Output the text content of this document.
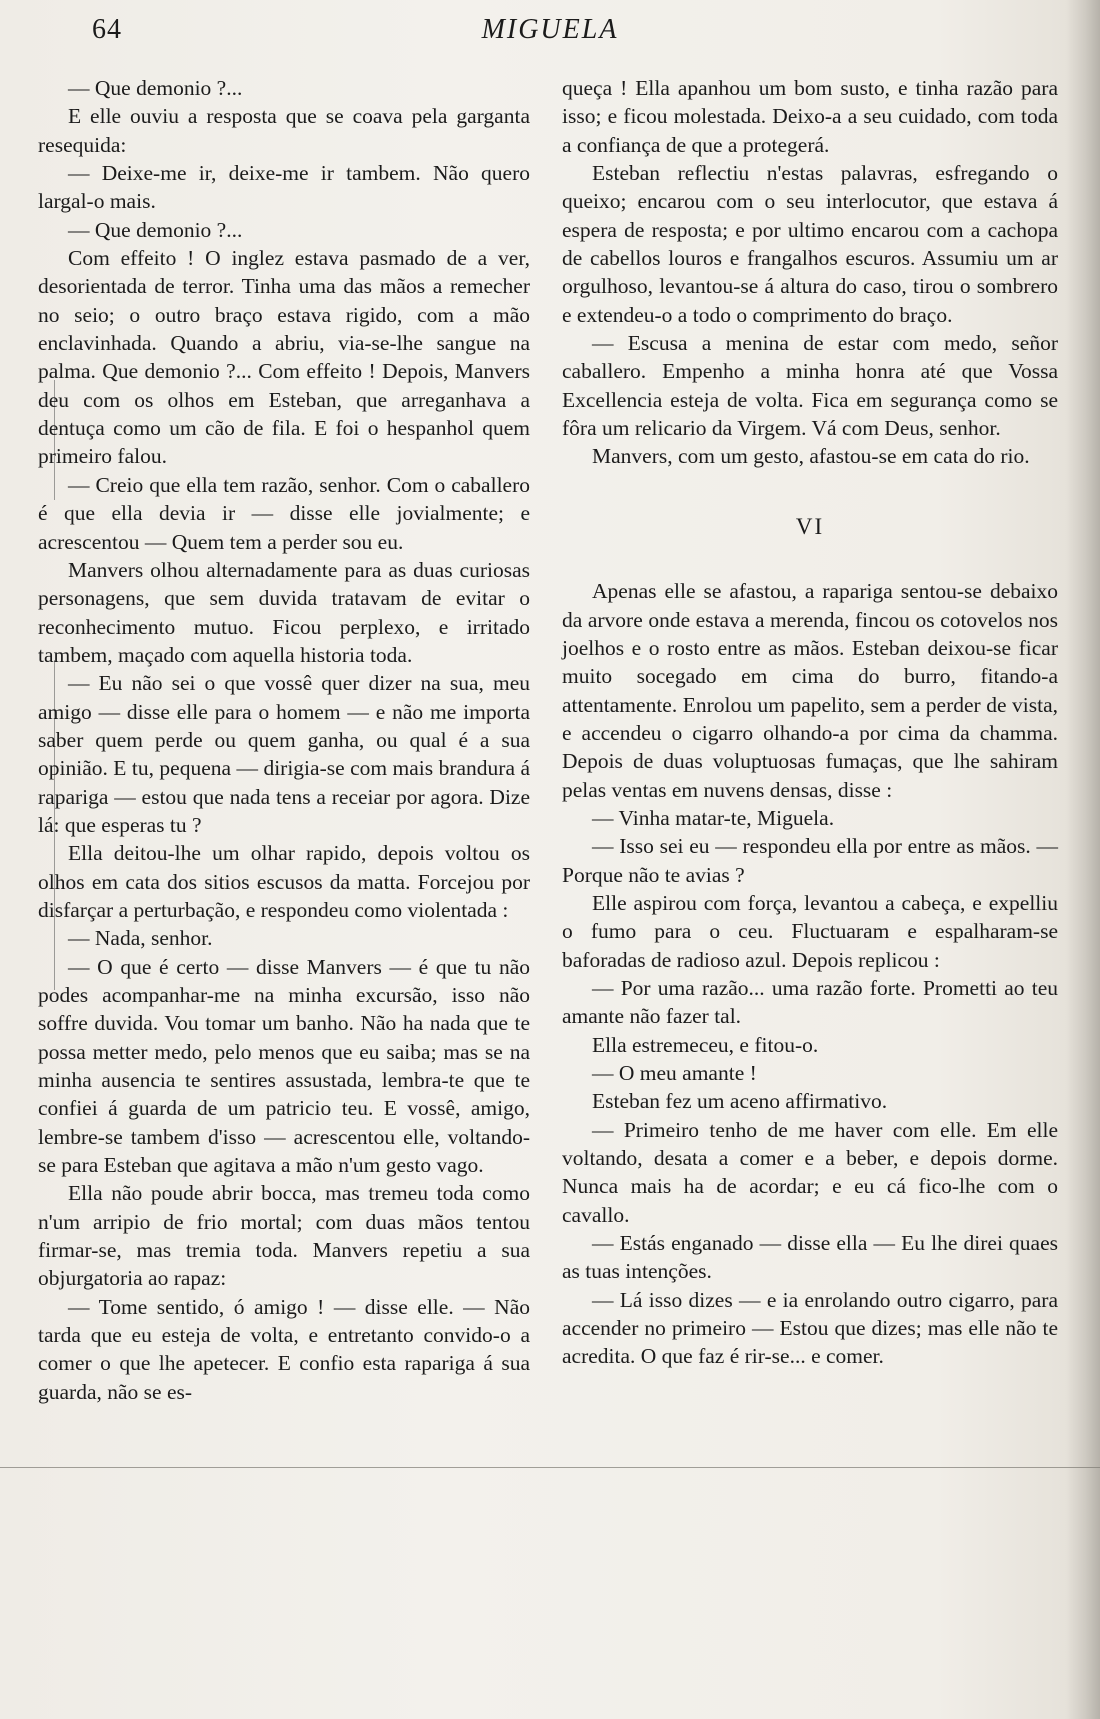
64	MIGUELA

— Que demonio ?...

E elle ouviu a resposta que se coava pela garganta resequida:

— Deixe-me ir, deixe-me ir tambem. Não quero largal-o mais.

— Que demonio ?...

Com effeito ! O inglez estava pasmado de a ver, desorientada de terror. Tinha uma das mãos a remecher no seio; o outro braço estava rigido, com a mão enclavinhada. Quando a abriu, via-se-lhe sangue na palma. Que demonio ?... Com effeito ! Depois, Manvers deu com os olhos em Esteban, que arreganhava a dentuça como um cão de fila. E foi o hespanhol quem primeiro falou.

— Creio que ella tem razão, senhor. Com o caballero é que ella devia ir — disse elle jovialmente; e acrescentou — Quem tem a perder sou eu.

Manvers olhou alternadamente para as duas curiosas personagens, que sem duvida tratavam de evitar o reconhecimento mutuo. Ficou perplexo, e irritado tambem, maçado com aquella historia toda.

— Eu não sei o que vossê quer dizer na sua, meu amigo — disse elle para o homem — e não me importa saber quem perde ou quem ganha, ou qual é a sua opinião. E tu, pequena — dirigia-se com mais brandura á rapariga — estou que nada tens a receiar por agora. Dize lá: que esperas tu ?

Ella deitou-lhe um olhar rapido, depois voltou os olhos em cata dos sitios escusos da matta. Forcejou por disfarçar a perturbação, e respondeu como violentada :

— Nada, senhor.

— O que é certo — disse Manvers — é que tu não podes acompanhar-me na minha excursão, isso não soffre duvida. Vou tomar um banho. Não ha nada que te possa metter medo, pelo menos que eu saiba; mas se na minha ausencia te sentires assustada, lembra-te que te confiei á guarda de um patricio teu. E vossê, amigo, lembre-se tambem d'isso — acrescentou elle, voltando-se para Esteban que agitava a mão n'um gesto vago.

Ella não poude abrir bocca, mas tremeu toda como n'um arripio de frio mortal; com duas mãos tentou firmar-se, mas tremia toda. Manvers repetiu a sua objurgatoria ao rapaz:

— Tome sentido, ó amigo ! — disse elle. — Não tarda que eu esteja de volta, e entretanto convido-o a comer o que lhe apetecer. E confio esta rapariga á sua guarda, não se es-

queça ! Ella apanhou um bom susto, e tinha razão para isso; e ficou molestada. Deixo-a a seu cuidado, com toda a confiança de que a protegerá.

Esteban reflectiu n'estas palavras, esfregando o queixo; encarou com o seu interlocutor, que estava á espera de resposta; e por ultimo encarou com a cachopa de cabellos louros e frangalhos escuros. Assumiu um ar orgulhoso, levantou-se á altura do caso, tirou o sombrero e extendeu-o a todo o comprimento do braço.

— Escusa a menina de estar com medo, señor caballero. Empenho a minha honra até que Vossa Excellencia esteja de volta. Fica em segurança como se fôra um relicario da Virgem. Vá com Deus, senhor.

Manvers, com um gesto, afastou-se em cata do rio.

VI

Apenas elle se afastou, a rapariga sentou-se debaixo da arvore onde estava a merenda, fincou os cotovelos nos joelhos e o rosto entre as mãos. Esteban deixou-se ficar muito socegado em cima do burro, fitando-a attentamente. Enrolou um papelito, sem a perder de vista, e accendeu o cigarro olhando-a por cima da chamma. Depois de duas voluptuosas fumaças, que lhe sahiram pelas ventas em nuvens densas, disse :

— Vinha matar-te, Miguela.

— Isso sei eu — respondeu ella por entre as mãos. — Porque não te avias ?

Elle aspirou com força, levantou a cabeça, e expelliu o fumo para o ceu. Fluctuaram e espalharam-se baforadas de radioso azul. Depois replicou :

— Por uma razão... uma razão forte. Prometti ao teu amante não fazer tal.

Ella estremeceu, e fitou-o.

— O meu amante !

Esteban fez um aceno affirmativo.

— Primeiro tenho de me haver com elle. Em elle voltando, desata a comer e a beber, e depois dorme. Nunca mais ha de acordar; e eu cá fico-lhe com o cavallo.

— Estás enganado — disse ella — Eu lhe direi quaes as tuas intenções.

— Lá isso dizes — e ia enrolando outro cigarro, para accender no primeiro — Estou que dizes; mas elle não te acredita. O que faz é rir-se... e comer.
